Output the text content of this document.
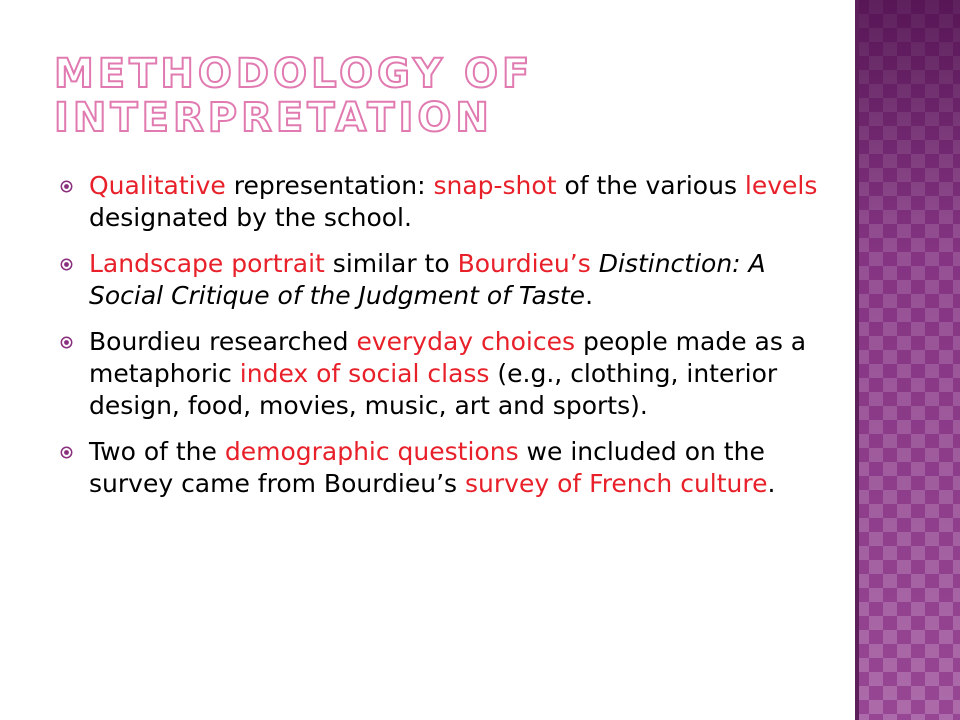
METHODOLOGY OF
INTERPRETATION
Qualitative representation: snap-shot of the various levels designated by the school.
Landscape portrait similar to Bourdieu’s Distinction: A Social Critique of the Judgment of Taste.
Bourdieu researched everyday choices people made as a metaphoric index of social class (e.g., clothing, interior design, food, movies, music, art and sports).
Two of the demographic questions we included on the survey came from Bourdieu’s survey of French culture.
